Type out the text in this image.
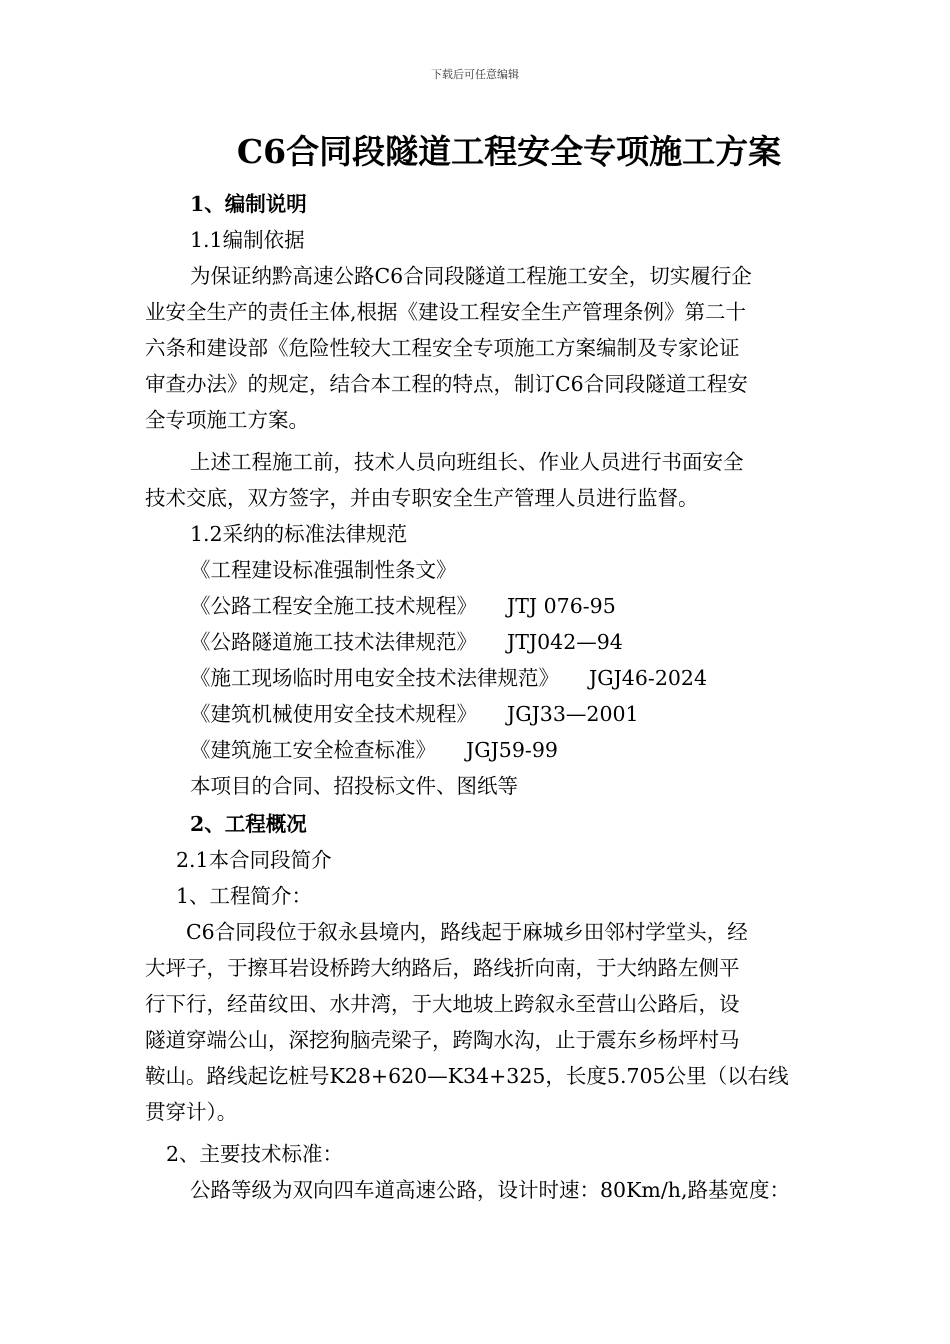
下载后可任意编辑
C6合同段隧道工程安全专项施工方案
1、编制说明
1.1编制依据
为保证纳黔高速公路C6合同段隧道工程施工安全，切实履行企
业安全生产的责任主体,根据《建设工程安全生产管理条例》第二十
六条和建设部《危险性较大工程安全专项施工方案编制及专家论证
审查办法》的规定，结合本工程的特点，制订C6合同段隧道工程安
全专项施工方案。
上述工程施工前，技术人员向班组长、作业人员进行书面安全
技术交底，双方签字，并由专职安全生产管理人员进行监督。
1.2采纳的标准法律规范
《工程建设标准强制性条文》
《公路工程安全施工技术规程》 JTJ 076-95
《公路隧道施工技术法律规范》 JTJ042—94
《施工现场临时用电安全技术法律规范》 JGJ46-2024
《建筑机械使用安全技术规程》 JGJ33—2001
《建筑施工安全检查标准》 JGJ59-99
本项目的合同、招投标文件、图纸等
2、工程概况
2.1本合同段简介
1、工程简介：
C6合同段位于叙永县境内，路线起于麻城乡田邻村学堂头，经
大坪子，于擦耳岩设桥跨大纳路后，路线折向南，于大纳路左侧平
行下行，经苗纹田、水井湾，于大地坡上跨叙永至营山公路后，设
隧道穿端公山，深挖狗脑壳梁子，跨陶水沟，止于震东乡杨坪村马
鞍山。路线起讫桩号K28+620—K34+325，长度5.705公里（以右线
贯穿计）。
2、主要技术标准：
公路等级为双向四车道高速公路，设计时速：80Km/h,路基宽度：
